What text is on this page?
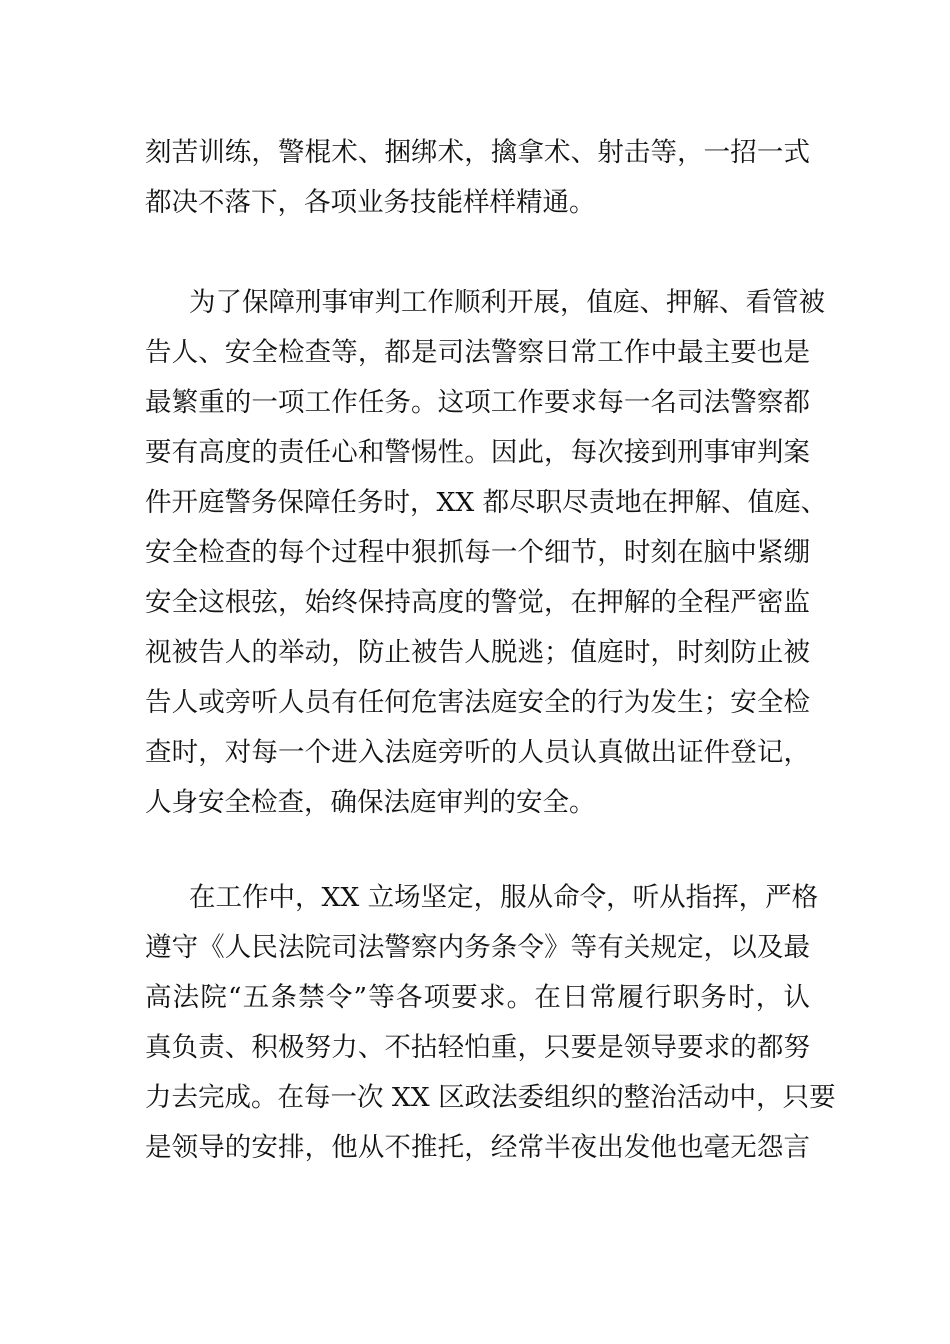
刻苦训练，警棍术、捆绑术，擒拿术、射击等，一招一式
都决不落下，各项业务技能样样精通。
为了保障刑事审判工作顺利开展，值庭、押解、看管被
告人、安全检查等，都是司法警察日常工作中最主要也是
最繁重的一项工作任务。这项工作要求每一名司法警察都
要有高度的责任心和警惕性。因此，每次接到刑事审判案
件开庭警务保障任务时，XX 都尽职尽责地在押解、值庭、
安全检查的每个过程中狠抓每一个细节，时刻在脑中紧绷
安全这根弦，始终保持高度的警觉，在押解的全程严密监
视被告人的举动，防止被告人脱逃；值庭时，时刻防止被
告人或旁听人员有任何危害法庭安全的行为发生；安全检
查时，对每一个进入法庭旁听的人员认真做出证件登记，
人身安全检查，确保法庭审判的安全。
在工作中，XX 立场坚定，服从命令，听从指挥，严格
遵守《人民法院司法警察内务条令》等有关规定，以及最
高法院“五条禁令”等各项要求。在日常履行职务时，认
真负责、积极努力、不拈轻怕重，只要是领导要求的都努
力去完成。在每一次 XX 区政法委组织的整治活动中，只要
是领导的安排，他从不推托，经常半夜出发他也毫无怨言
